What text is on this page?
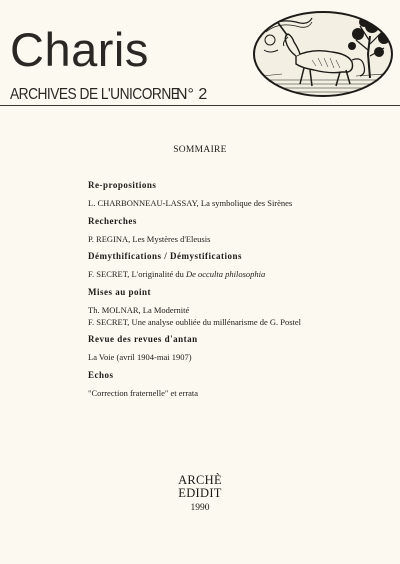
Charis
ARCHIVES DE L'UNICORNE
N° 2
SOMMAIRE
Re-propositions
L. CHARBONNEAU-LASSAY, La symbolique des Sirènes
Recherches
P. REGINA, Les Mystères d'Eleusis
Démythifications / Démystifications
F. SECRET, L'originalité du De occulta philosophia
Mises au point
Th. MOLNAR, La Modernité
F. SECRET, Une analyse oubliée du millénarisme de G. Postel
Revue des revues d'antan
La Voie (avril 1904-mai 1907)
Echos
"Correction fraternelle" et errata
ARCHÈ
EDIDIT
1990
